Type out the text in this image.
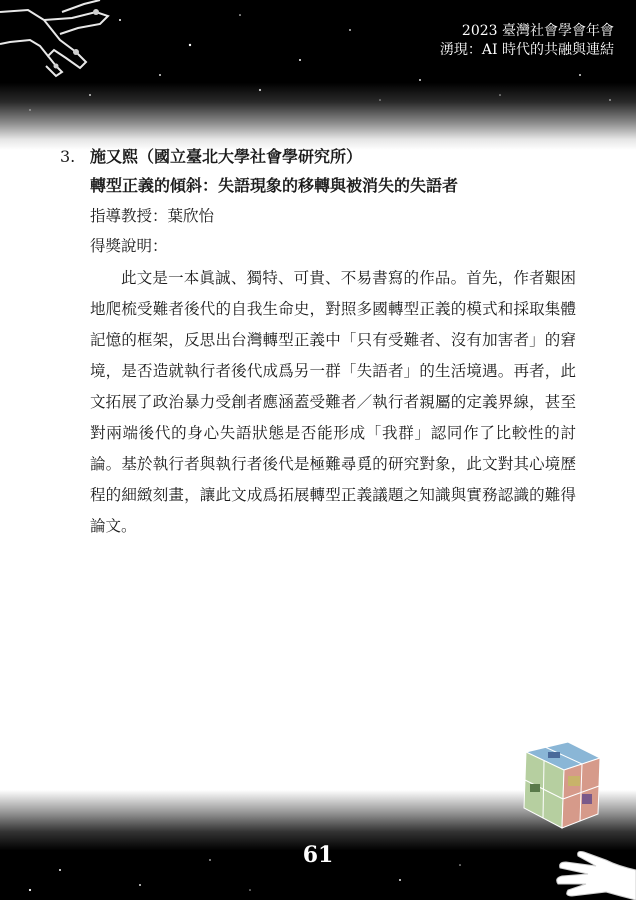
2023 臺灣社會學會年會
湧現：AI 時代的共融與連結
3. 施又熙（國立臺北大學社會學研究所）
轉型正義的傾斜：失語現象的移轉與被消失的失語者
指導教授：葉欣怡
得獎說明：
此文是一本眞誠、獨特、可貴、不易書寫的作品。首先，作者艱困地爬梳受難者後代的自我生命史，對照多國轉型正義的模式和採取集體記憶的框架，反思出台灣轉型正義中「只有受難者、沒有加害者」的窘境，是否造就執行者後代成爲另一群「失語者」的生活境遇。再者，此文拓展了政治暴力受創者應涵蓋受難者／執行者親屬的定義界線，甚至對兩端後代的身心失語狀態是否能形成「我群」認同作了比較性的討論。基於執行者與執行者後代是極難尋覓的研究對象，此文對其心境歷程的細緻刻畫，讓此文成爲拓展轉型正義議題之知識與實務認識的難得論文。
61
